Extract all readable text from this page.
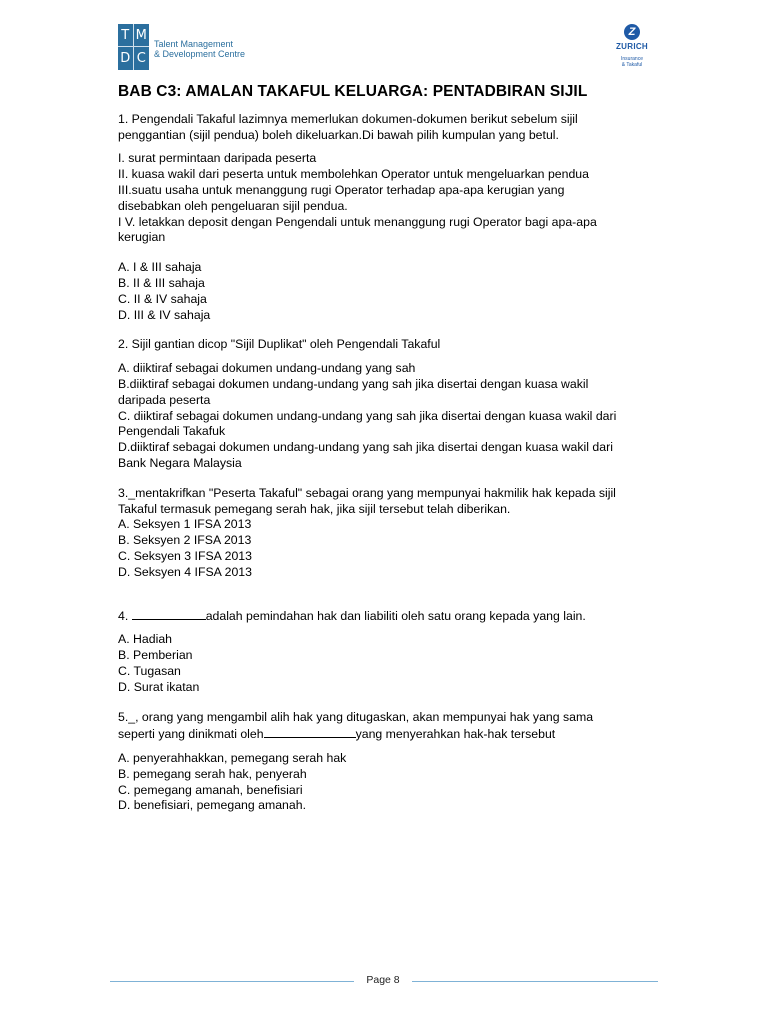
T M
D C
Talent Management
& Development Centre
Z
ZURICH
Insurance
& Takaful
BAB C3: AMALAN TAKAFUL KELUARGA: PENTADBIRAN SIJIL

1. Pengendali Takaful lazimnya memerlukan dokumen-dokumen berikut sebelum sijil

penggantian (sijil pendua) boleh dikeluarkan.Di bawah pilih kumpulan yang betul.

I. surat permintaan daripada peserta

II. kuasa wakil dari peserta untuk membolehkan Operator untuk mengeluarkan pendua

III.suatu usaha untuk menanggung rugi Operator terhadap apa-apa kerugian yang

disebabkan oleh pengeluaran sijil pendua.

I V. letakkan deposit dengan Pengendali untuk menanggung rugi Operator bagi apa-apa

kerugian

A. I & III sahaja

B. II & III sahaja

C. II & IV sahaja

D. III & IV sahaja

2. Sijil gantian dicop "Sijil Duplikat" oleh Pengendali Takaful

A. diiktiraf sebagai dokumen undang-undang yang sah

B.diiktiraf sebagai dokumen undang-undang yang sah jika disertai dengan kuasa wakil

daripada peserta

C. diiktiraf sebagai dokumen undang-undang yang sah jika disertai dengan kuasa wakil dari

Pengendali Takafuk

D.diiktiraf sebagai dokumen undang-undang yang sah jika disertai dengan kuasa wakil dari

Bank Negara Malaysia

3._mentakrifkan "Peserta Takaful" sebagai orang yang mempunyai hakmilik hak kepada sijil

Takaful termasuk pemegang serah hak, jika sijil tersebut telah diberikan.

A. Seksyen 1 IFSA 2013

B. Seksyen 2 IFSA 2013

C. Seksyen 3 IFSA 2013

D. Seksyen 4 IFSA 2013

4.	adalah pemindahan hak dan liabiliti oleh satu orang kepada yang lain.

A. Hadiah

B. Pemberian

C. Tugasan

D. Surat ikatan

5._, orang yang mengambil alih hak yang ditugaskan, akan mempunyai hak yang sama

seperti yang dinikmati oleh	yang menyerahkan hak-hak tersebut

A. penyerahhakkan, pemegang serah hak

B. pemegang serah hak, penyerah

C. pemegang amanah, benefisiari

D. benefisiari, pemegang amanah.

Page 8
